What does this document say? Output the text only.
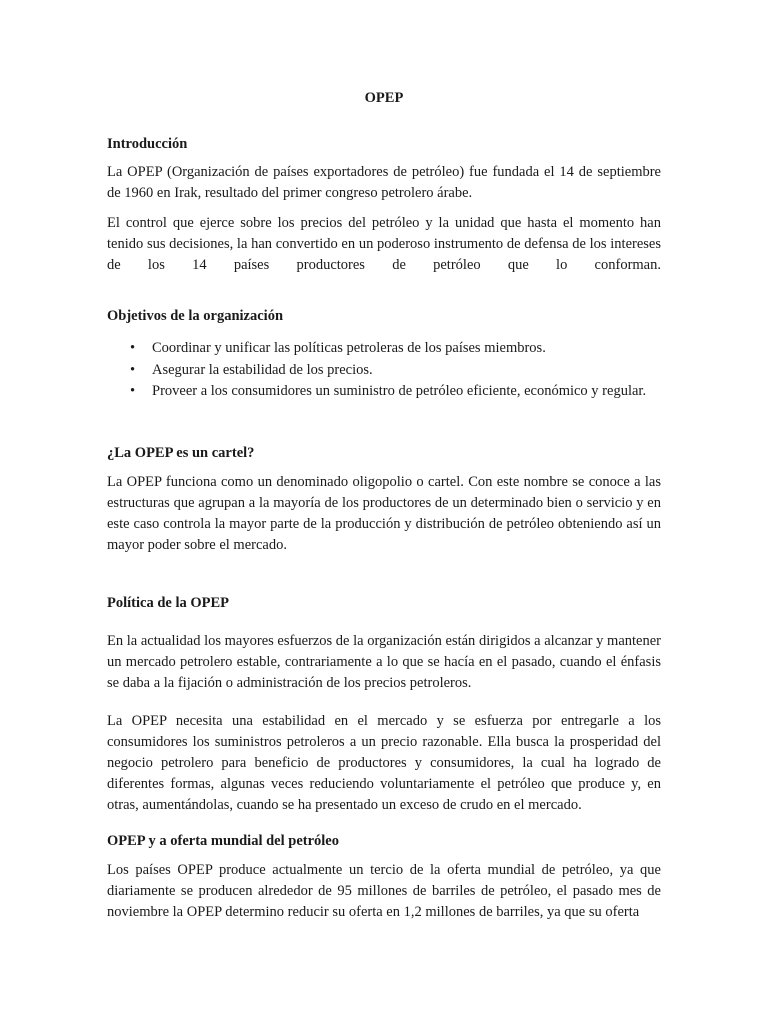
OPEP
Introducción

La OPEP (Organización de países exportadores de petróleo) fue fundada el 14 de septiembre de 1960 en Irak, resultado del primer congreso petrolero árabe.

El control que ejerce sobre los precios del petróleo y la unidad que hasta el momento han tenido sus decisiones, la han convertido en un poderoso instrumento de defensa de los intereses de los 14 países productores de petróleo que lo conforman.

Objetivos de la organización
• Coordinar y unificar las políticas petroleras de los países miembros.
• Asegurar la estabilidad de los precios.
• Proveer a los consumidores un suministro de petróleo eficiente, económico y regular.
¿La OPEP es un cartel?

La OPEP funciona como un denominado oligopolio o cartel. Con este nombre se conoce a las estructuras que agrupan a la mayoría de los productores de un determinado bien o servicio y en este caso controla la mayor parte de la producción y distribución de petróleo obteniendo así un mayor poder sobre el mercado.

Política de la OPEP

En la actualidad los mayores esfuerzos de la organización están dirigidos a alcanzar y mantener un mercado petrolero estable, contrariamente a lo que se hacía en el pasado, cuando el énfasis se daba a la fijación o administración de los precios petroleros.

La OPEP necesita una estabilidad en el mercado y se esfuerza por entregarle a los consumidores los suministros petroleros a un precio razonable. Ella busca la prosperidad del negocio petrolero para beneficio de productores y consumidores, la cual ha logrado de diferentes formas, algunas veces reduciendo voluntariamente el petróleo que produce y, en otras, aumentándolas, cuando se ha presentado un exceso de crudo en el mercado.

OPEP y a oferta mundial del petróleo

Los países OPEP produce actualmente un tercio de la oferta mundial de petróleo, ya que diariamente se producen alrededor de 95 millones de barriles de petróleo, el pasado mes de noviembre la OPEP determino reducir su oferta en 1,2 millones de barriles, ya que su oferta
